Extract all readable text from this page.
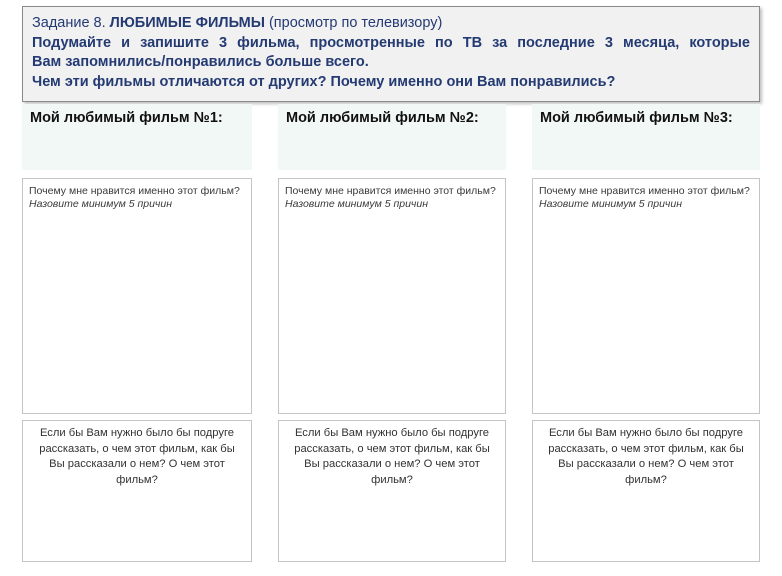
Задание 8. ЛЮБИМЫЕ ФИЛЬМЫ (просмотр по телевизору)

Подумайте и запишите 3 фильма, просмотренные по ТВ за последние 3 месяца, которые

Вам запомнились/понравились больше всего.

Чем эти фильмы отличаются от других? Почему именно они Вам понравились?

Мой любимый фильм №1:
Почему мне нравится именно этот фильм?
Назовите минимум 5 причин
Если бы Вам нужно было бы подруге рассказать, о чем этот фильм, как бы Вы рассказали о нем? О чем этот фильм?
Мой любимый фильм №2:
Почему мне нравится именно этот фильм?
Назовите минимум 5 причин
Если бы Вам нужно было бы подруге рассказать, о чем этот фильм, как бы Вы рассказали о нем? О чем этот фильм?
Мой любимый фильм №3:
Почему мне нравится именно этот фильм?
Назовите минимум 5 причин
Если бы Вам нужно было бы подруге рассказать, о чем этот фильм, как бы Вы рассказали о нем? О чем этот фильм?
